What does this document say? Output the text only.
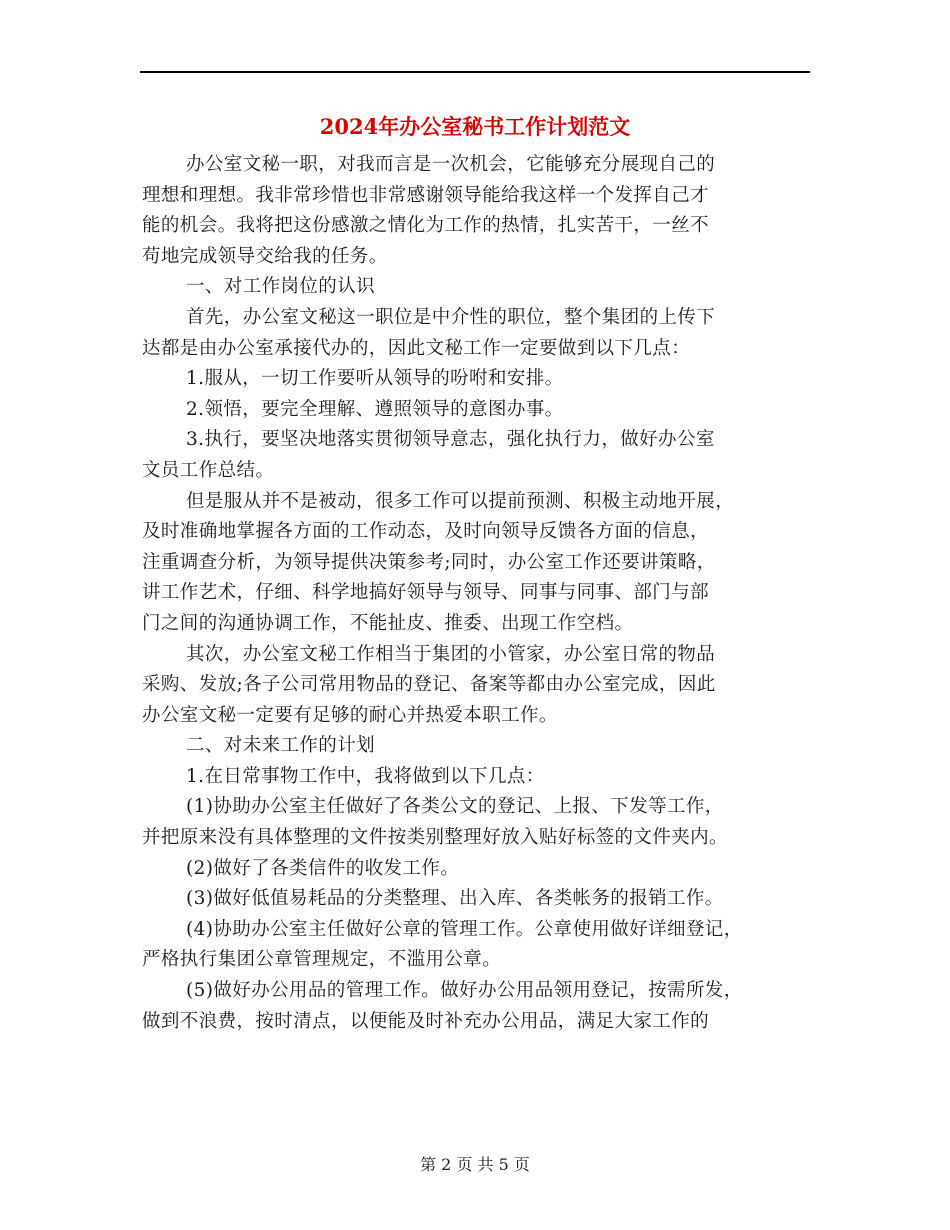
2024年办公室秘书工作计划范文
办公室文秘一职，对我而言是一次机会，它能够充分展现自己的
理想和理想。我非常珍惜也非常感谢领导能给我这样一个发挥自己才
能的机会。我将把这份感激之情化为工作的热情，扎实苦干，一丝不
苟地完成领导交给我的任务。
一、对工作岗位的认识
首先，办公室文秘这一职位是中介性的职位，整个集团的上传下
达都是由办公室承接代办的，因此文秘工作一定要做到以下几点：
1.服从，一切工作要听从领导的吩咐和安排。
2.领悟，要完全理解、遵照领导的意图办事。
3.执行，要坚决地落实贯彻领导意志，强化执行力，做好办公室
文员工作总结。
但是服从并不是被动，很多工作可以提前预测、积极主动地开展，
及时准确地掌握各方面的工作动态，及时向领导反馈各方面的信息，
注重调查分析，为领导提供决策参考;同时，办公室工作还要讲策略，
讲工作艺术，仔细、科学地搞好领导与领导、同事与同事、部门与部
门之间的沟通协调工作，不能扯皮、推委、出现工作空档。
其次，办公室文秘工作相当于集团的小管家，办公室日常的物品
采购、发放;各子公司常用物品的登记、备案等都由办公室完成，因此
办公室文秘一定要有足够的耐心并热爱本职工作。
二、对未来工作的计划
1.在日常事物工作中，我将做到以下几点：
(1)协助办公室主任做好了各类公文的登记、上报、下发等工作，
并把原来没有具体整理的文件按类别整理好放入贴好标签的文件夹内。
(2)做好了各类信件的收发工作。
(3)做好低值易耗品的分类整理、出入库、各类帐务的报销工作。
(4)协助办公室主任做好公章的管理工作。公章使用做好详细登记，
严格执行集团公章管理规定，不滥用公章。
(5)做好办公用品的管理工作。做好办公用品领用登记，按需所发，
做到不浪费，按时清点，以便能及时补充办公用品，满足大家工作的
第 2 页 共 5 页
